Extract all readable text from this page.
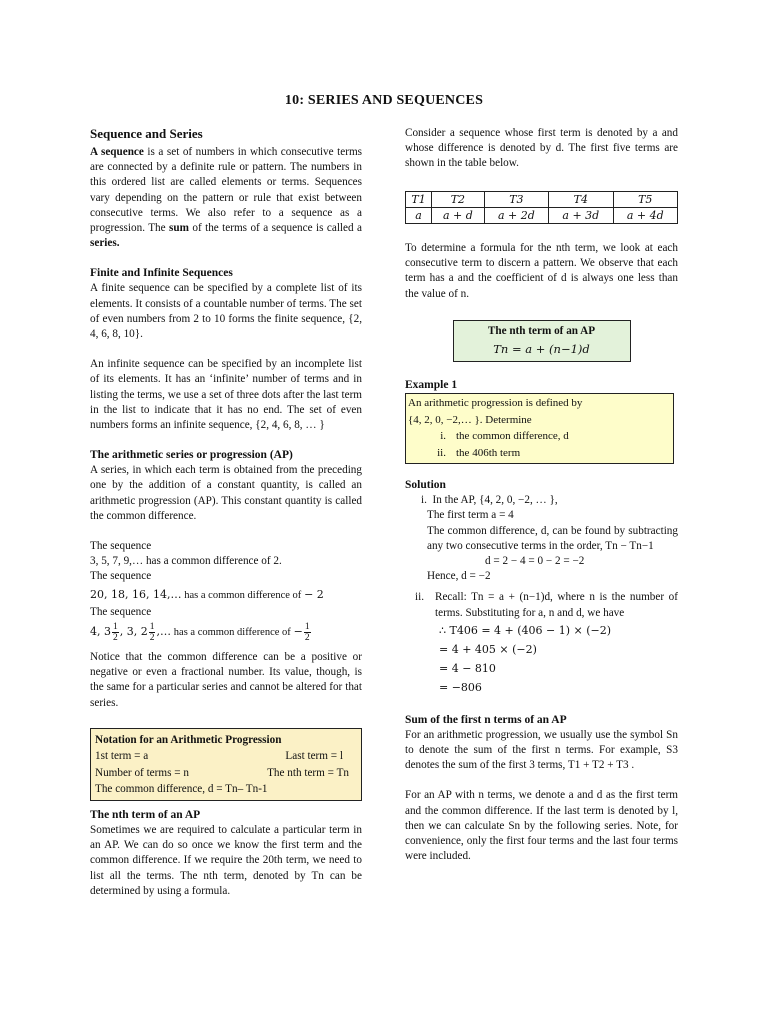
10: SERIES AND SEQUENCES
Sequence and Series

A sequence is a set of numbers in which consecutive terms are connected by a definite rule or pattern. The numbers in this ordered list are called elements or terms. Sequences vary depending on the pattern or rule that exist between consecutive terms. We also refer to a sequence as a progression. The sum of the terms of a sequence is called a series.

Finite and Infinite Sequences

A finite sequence can be specified by a complete list of its elements. It consists of a countable number of terms. The set of even numbers from 2 to 10 forms the finite sequence, {2, 4, 6, 8, 10}.

An infinite sequence can be specified by an incomplete list of its elements. It has an ‘infinite’ number of terms and in listing the terms, we use a set of three dots after the last term in the list to indicate that it has no end. The set of even numbers forms an infinite sequence, {2, 4, 6, 8, … }

The arithmetic series or progression (AP)

A series, in which each term is obtained from the preceding one by the addition of a constant quantity, is called an arithmetic progression (AP). This constant quantity is called the common difference.

The sequence

3, 5, 7, 9,… has a common difference of 2.

The sequence

20, 18, 16, 14,… has a common difference of − 2

The sequence

4, $3 \frac{1}{2}$ , 3, $2 \frac{1}{2}$ ,… has a common difference of − $\frac{1}{2}$

Notice that the common difference can be a positive or negative or even a fractional number. Its value, though, is the same for a particular series and cannot be altered for that series.

Notation for an Arithmetic Progression
1st term = a	Last term = l
Number of terms = n	The nth term = Tn
The common difference, d = Tn– Tn-1
The nth term of an AP

Sometimes we are required to calculate a particular term in an AP. We can do so once we know the first term and the common difference. If we require the 20th term, we need to list all the terms. The nth term, denoted by Tn can be determined by using a formula.

Consider a sequence whose first term is denoted by a and whose difference is denoted by d. The first five terms are shown in the table below.

T1	T2	T3	T4	T5
a	a + d	a + 2d	a + 3d	a + 4d

To determine a formula for the nth term, we look at each consecutive term to discern a pattern. We observe that each term has a and the coefficient of d is always one less than the value of n.

The nth term of an AP
Tn = a + (n−1)d
Example 1
An arithmetic progression is defined by
{4, 2, 0, −2,… }. Determine
i. the common difference, d
ii. the 406th term
Solution
i. In the AP, {4, 2, 0, −2, … },
The first term a = 4
The common difference, d, can be found by subtracting any two consecutive terms in the order, Tn − Tn−1
d = 2 − 4 = 0 − 2 = −2
Hence, d = −2
ii. Recall: Tn = a + (n−1)d, where n is the number of terms. Substituting for a, n and d, we have
∴ T406 = 4 + (406 − 1) × (−2)
= 4 + 405 × (−2)
= 4 − 810
= −806
Sum of the first n terms of an AP

For an arithmetic progression, we usually use the symbol Sn to denote the sum of the first n terms. For example, S3 denotes the sum of the first 3 terms, T1 + T2 + T3 .

For an AP with n terms, we denote a and d as the first term and the common difference. If the last term is denoted by l, then we can calculate Sn by the following series. Note, for convenience, only the first four terms and the last four terms were included.
